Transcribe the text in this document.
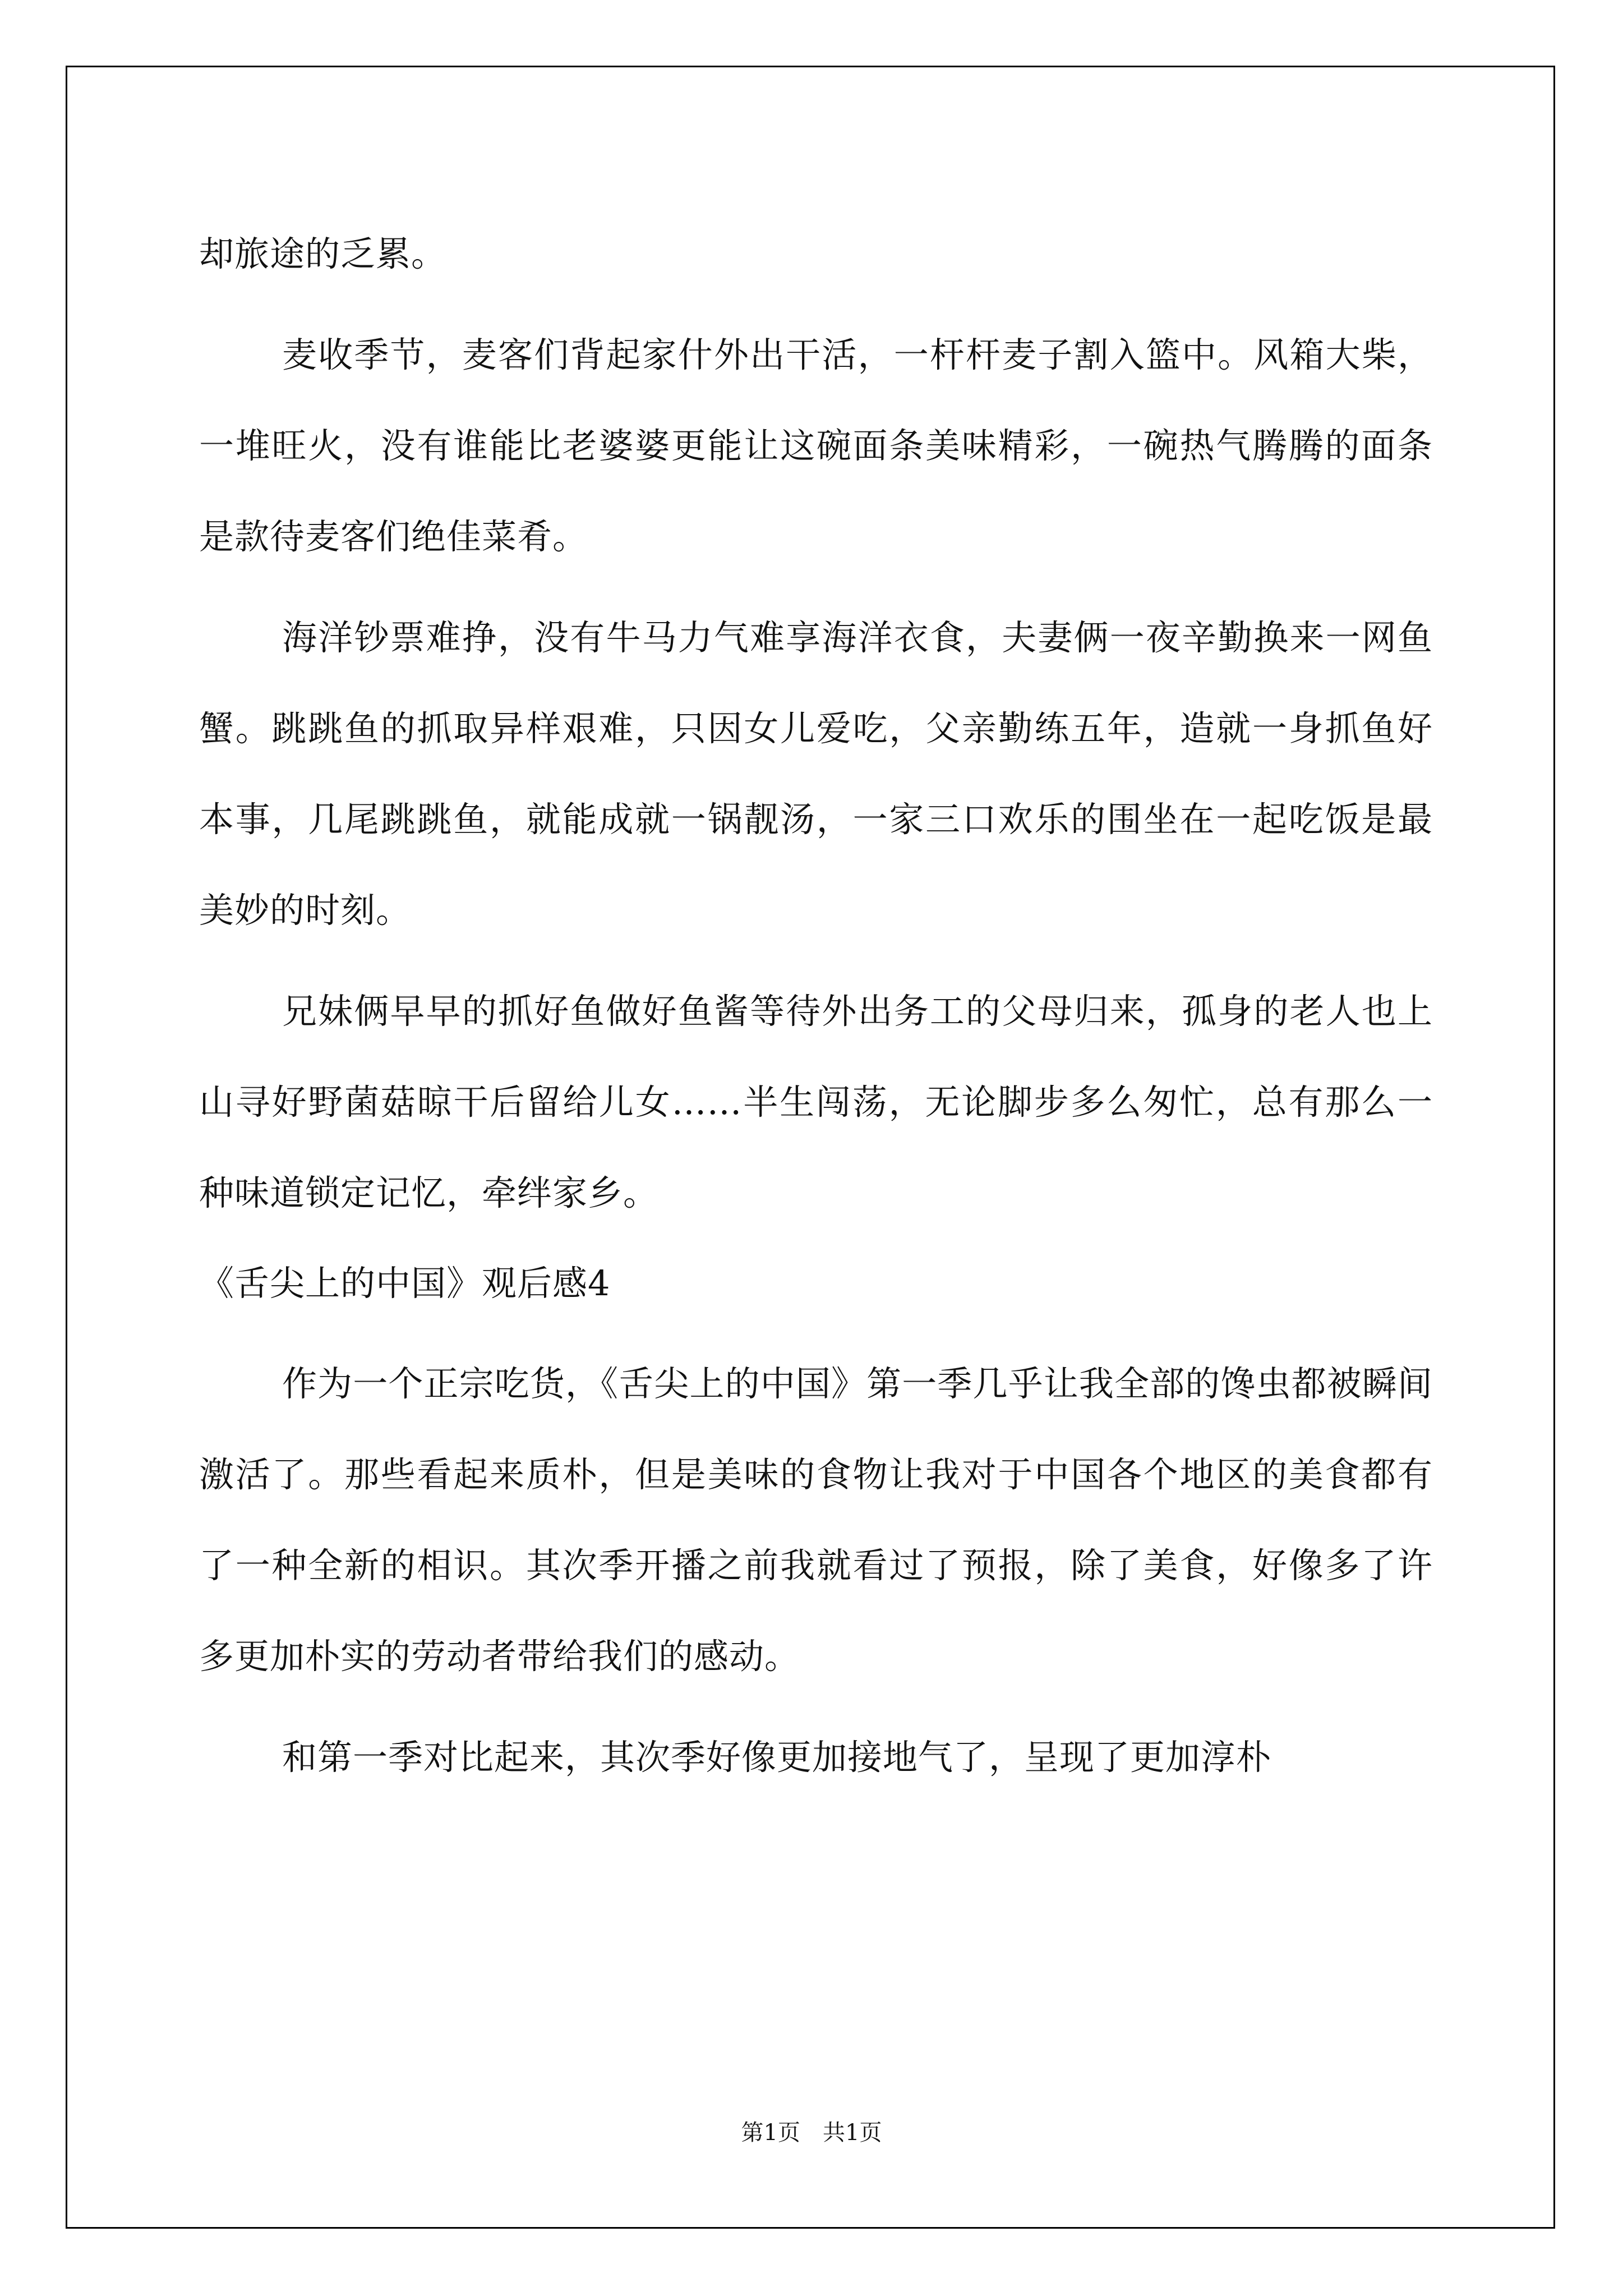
却旅途的乏累。

麦收季节，麦客们背起家什外出干活，一杆杆麦子割入篮中。风箱大柴，一堆旺火，没有谁能比老婆婆更能让这碗面条美味精彩，一碗热气腾腾的面条是款待麦客们绝佳菜肴。

海洋钞票难挣，没有牛马力气难享海洋衣食，夫妻俩一夜辛勤换来一网鱼蟹。跳跳鱼的抓取异样艰难，只因女儿爱吃，父亲勤练五年，造就一身抓鱼好本事，几尾跳跳鱼，就能成就一锅靓汤，一家三口欢乐的围坐在一起吃饭是最美妙的时刻。

兄妹俩早早的抓好鱼做好鱼酱等待外出务工的父母归来，孤身的老人也上山寻好野菌菇晾干后留给儿女……半生闯荡，无论脚步多么匆忙，总有那么一种味道锁定记忆，牵绊家乡。

《舌尖上的中国》观后感4

作为一个正宗吃货，《舌尖上的中国》第一季几乎让我全部的馋虫都被瞬间激活了。那些看起来质朴，但是美味的食物让我对于中国各个地区的美食都有了一种全新的相识。其次季开播之前我就看过了预报，除了美食，好像多了许多更加朴实的劳动者带给我们的感动。

和第一季对比起来，其次季好像更加接地气了，呈现了更加淳朴

第1页 共1页
